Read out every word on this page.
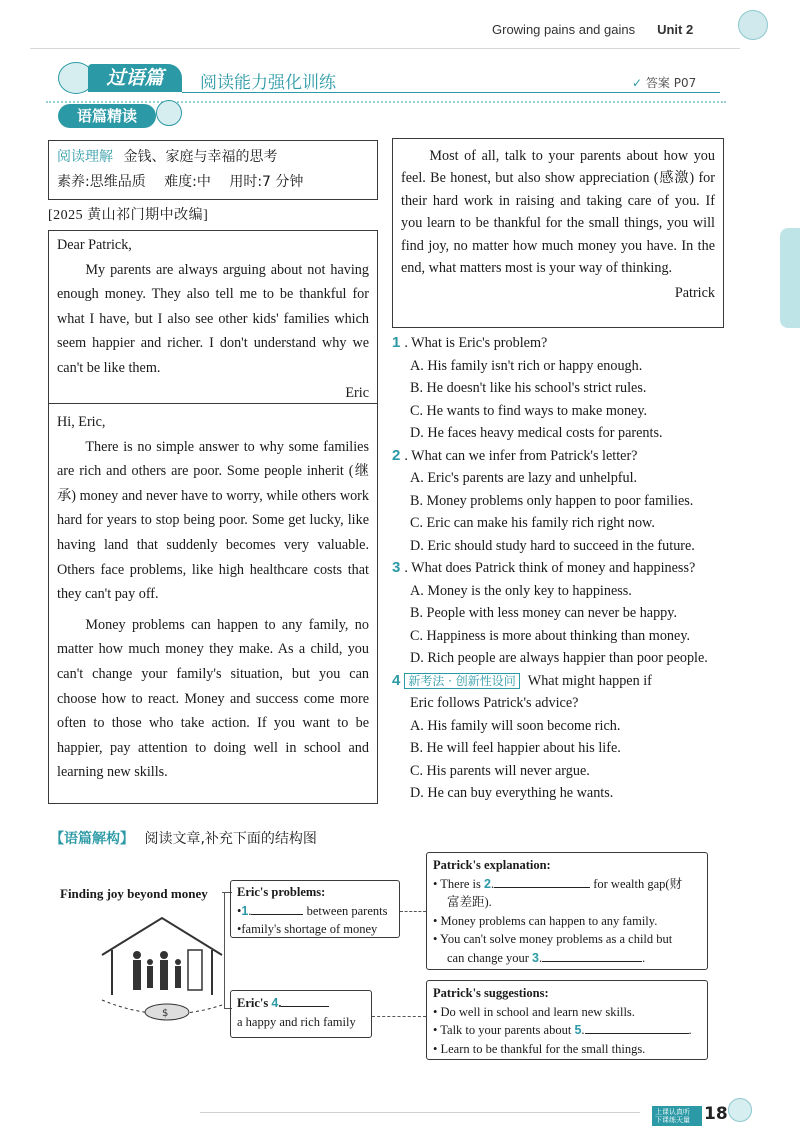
Growing pains and gains Unit 2
过语篇	阅读能力强化训练	✓ 答案 P07
语篇精读
阅读理解 金钱、家庭与幸福的思考
素养:思维品质　 难度:中　 用时:7 分钟
[2025 黄山祁门期中改编]

Dear Patrick,

My parents are always arguing about not having enough money. They also tell me to be thankful for what I have, but I also see other kids' families which seem happier and richer. I don't understand why we can't be like them.

Eric

Hi, Eric,

There is no simple answer to why some families are rich and others are poor. Some people inherit (继承) money and never have to worry, while others work hard for years to stop being poor. Some get lucky, like having land that suddenly becomes very valuable. Others face problems, like high healthcare costs that they can't pay off.

Money problems can happen to any family, no matter how much money they make. As a child, you can't change your family's situation, but you can choose how to react. Money and success come more often to those who take action. If you want to be happier, pay attention to doing well in school and learning new skills.

Most of all, talk to your parents about how you feel. Be honest, but also show appreciation (感激) for their hard work in raising and taking care of you. If you learn to be thankful for the small things, you will find joy, no matter how much money you have. In the end, what matters most is your way of thinking.

Patrick

1 . What is Eric's problem?
A. His family isn't rich or happy enough.
B. He doesn't like his school's strict rules.
C. He wants to find ways to make money.
D. He faces heavy medical costs for parents.
2 . What can we infer from Patrick's letter?
A. Eric's parents are lazy and unhelpful.
B. Money problems only happen to poor families.
C. Eric can make his family rich right now.
D. Eric should study hard to succeed in the future.
3 . What does Patrick think of money and happiness?
A. Money is the only key to happiness.
B. People with less money can never be happy.
C. Happiness is more about thinking than money.
D. Rich people are always happier than poor people.
4 新考法 · 创新性设问 What might happen if
Eric follows Patrick's advice?
A. His family will soon become rich.
B. He will feel happier about his life.
C. His parents will never argue.
D. He can buy everything he wants.
【语篇解构】 阅读文章,补充下面的结构图
Finding joy beyond money
$
Eric's problems:
•1.	between parents
•family's shortage of money
Patrick's explanation:
• There is 2.	for wealth gap(财
富差距).
• Money problems can happen to any family.
• You can't solve money problems as a child but
can change your 3.	.
Eric's 4.
a happy and rich family
Patrick's suggestions:
• Do well in school and learn new skills.
• Talk to your parents about 5.	.
• Learn to be thankful for the small things.
上课认真听 下课练天量 18
